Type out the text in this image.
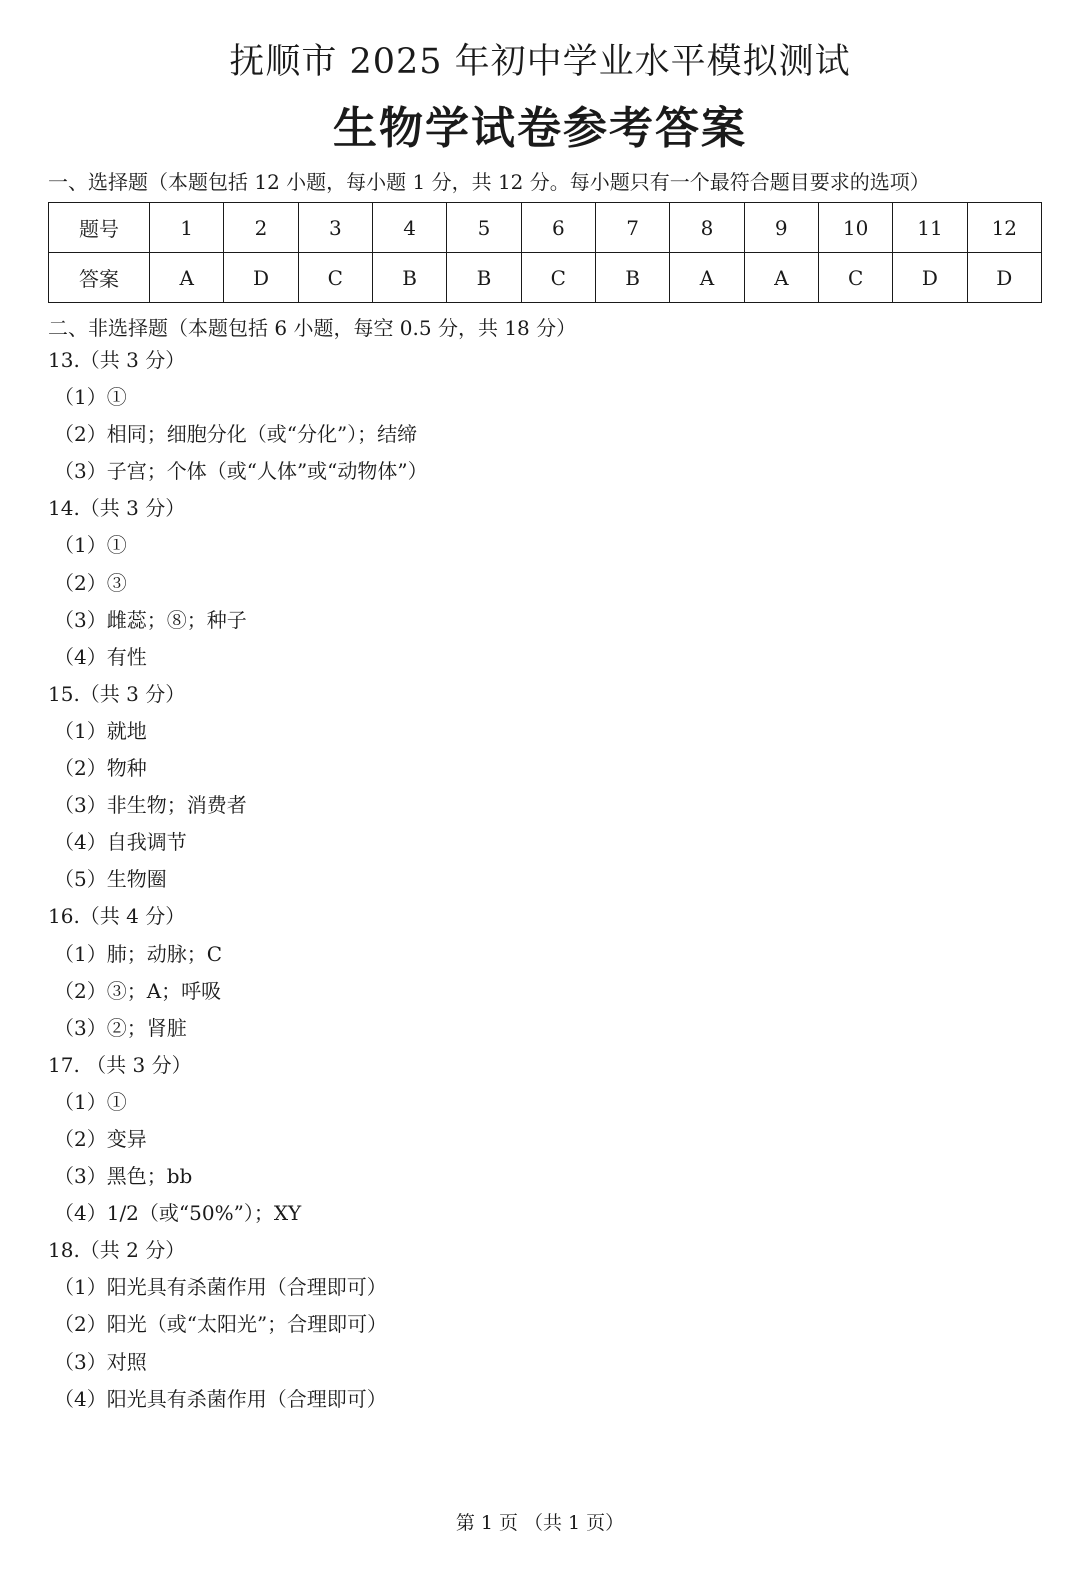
抚顺市 2025 年初中学业水平模拟测试
生物学试卷参考答案
一、选择题（本题包括 12 小题，每小题 1 分，共 12 分。每小题只有一个最符合题目要求的选项）
题号	1	2	3	4	5	6	7	8	9	10	11	12
答案	A	D	C	B	B	C	B	A	A	C	D	D
二、非选择题（本题包括 6 小题，每空 0.5 分，共 18 分）
13.（共 3 分）
（1）①
（2）相同；细胞分化（或“分化”）；结缔
（3）子宫；个体（或“人体”或“动物体”）
14.（共 3 分）
（1）①
（2）③
（3）雌蕊；⑧；种子
（4）有性
15.（共 3 分）
（1）就地
（2）物种
（3）非生物；消费者
（4）自我调节
（5）生物圈
16.（共 4 分）
（1）肺；动脉；C
（2）③；A；呼吸
（3）②；肾脏
17. （共 3 分）
（1）①
（2）变异
（3）黑色；bb
（4）1/2（或“50%”）；XY
18.（共 2 分）
（1）阳光具有杀菌作用（合理即可）
（2）阳光（或“太阳光”；合理即可）
（3）对照
（4）阳光具有杀菌作用（合理即可）
第 1 页 （共 1 页）
